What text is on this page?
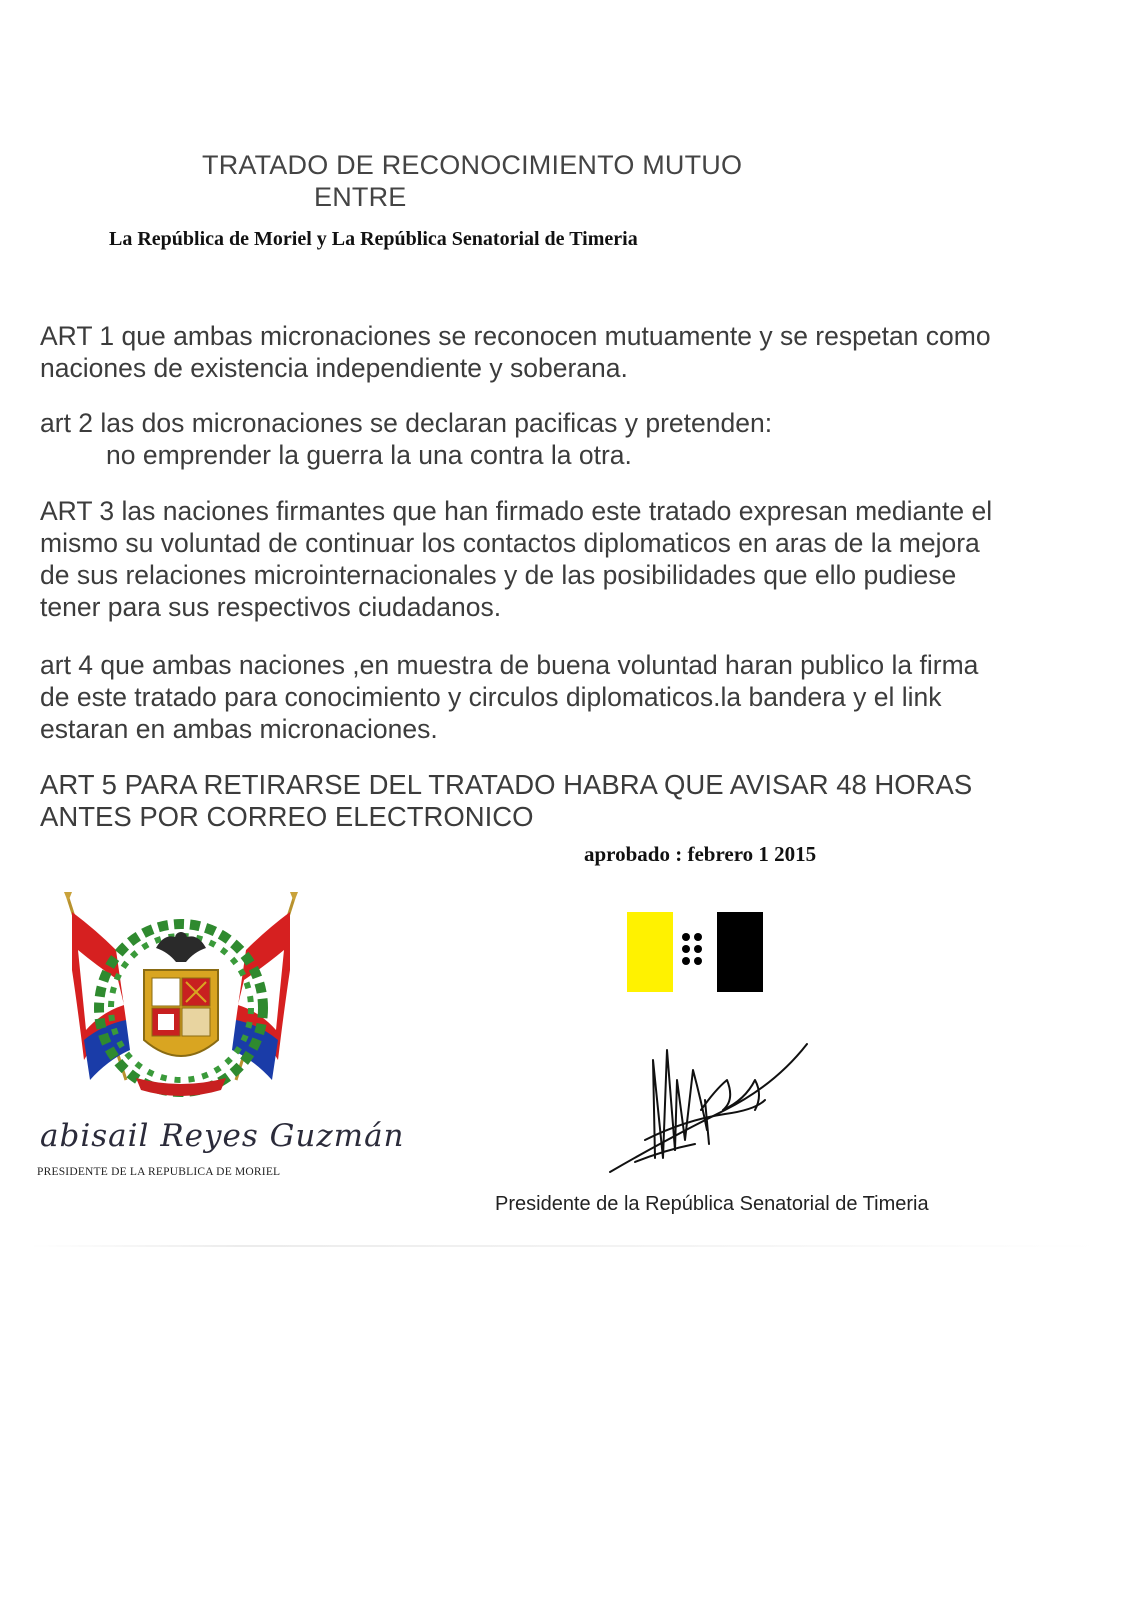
TRATADO DE RECONOCIMIENTO MUTUO
ENTRE
La República de Moriel y La República Senatorial de Timeria

ART 1 que ambas micronaciones se reconocen mutuamente y se respetan como

naciones de existencia independiente y soberana.

art 2 las dos micronaciones se declaran pacificas y pretenden:

no emprender la guerra la una contra la otra.

ART 3 las naciones firmantes que han firmado este tratado expresan mediante el

mismo su voluntad de continuar los contactos diplomaticos en aras de la mejora

de sus relaciones microinternacionales y de las posibilidades que ello pudiese

tener para sus respectivos ciudadanos.

art 4 que ambas naciones ,en muestra de buena voluntad haran publico la firma

de este tratado para conocimiento y circulos diplomaticos.la bandera y el link

estaran en ambas micronaciones.

ART 5 PARA RETIRARSE DEL TRATADO HABRA QUE AVISAR 48 HORAS

ANTES POR CORREO ELECTRONICO

aprobado : febrero 1 2015
abisail Reyes Guzmán
PRESIDENTE DE LA REPUBLICA DE MORIEL
Presidente de la República Senatorial de Timeria
